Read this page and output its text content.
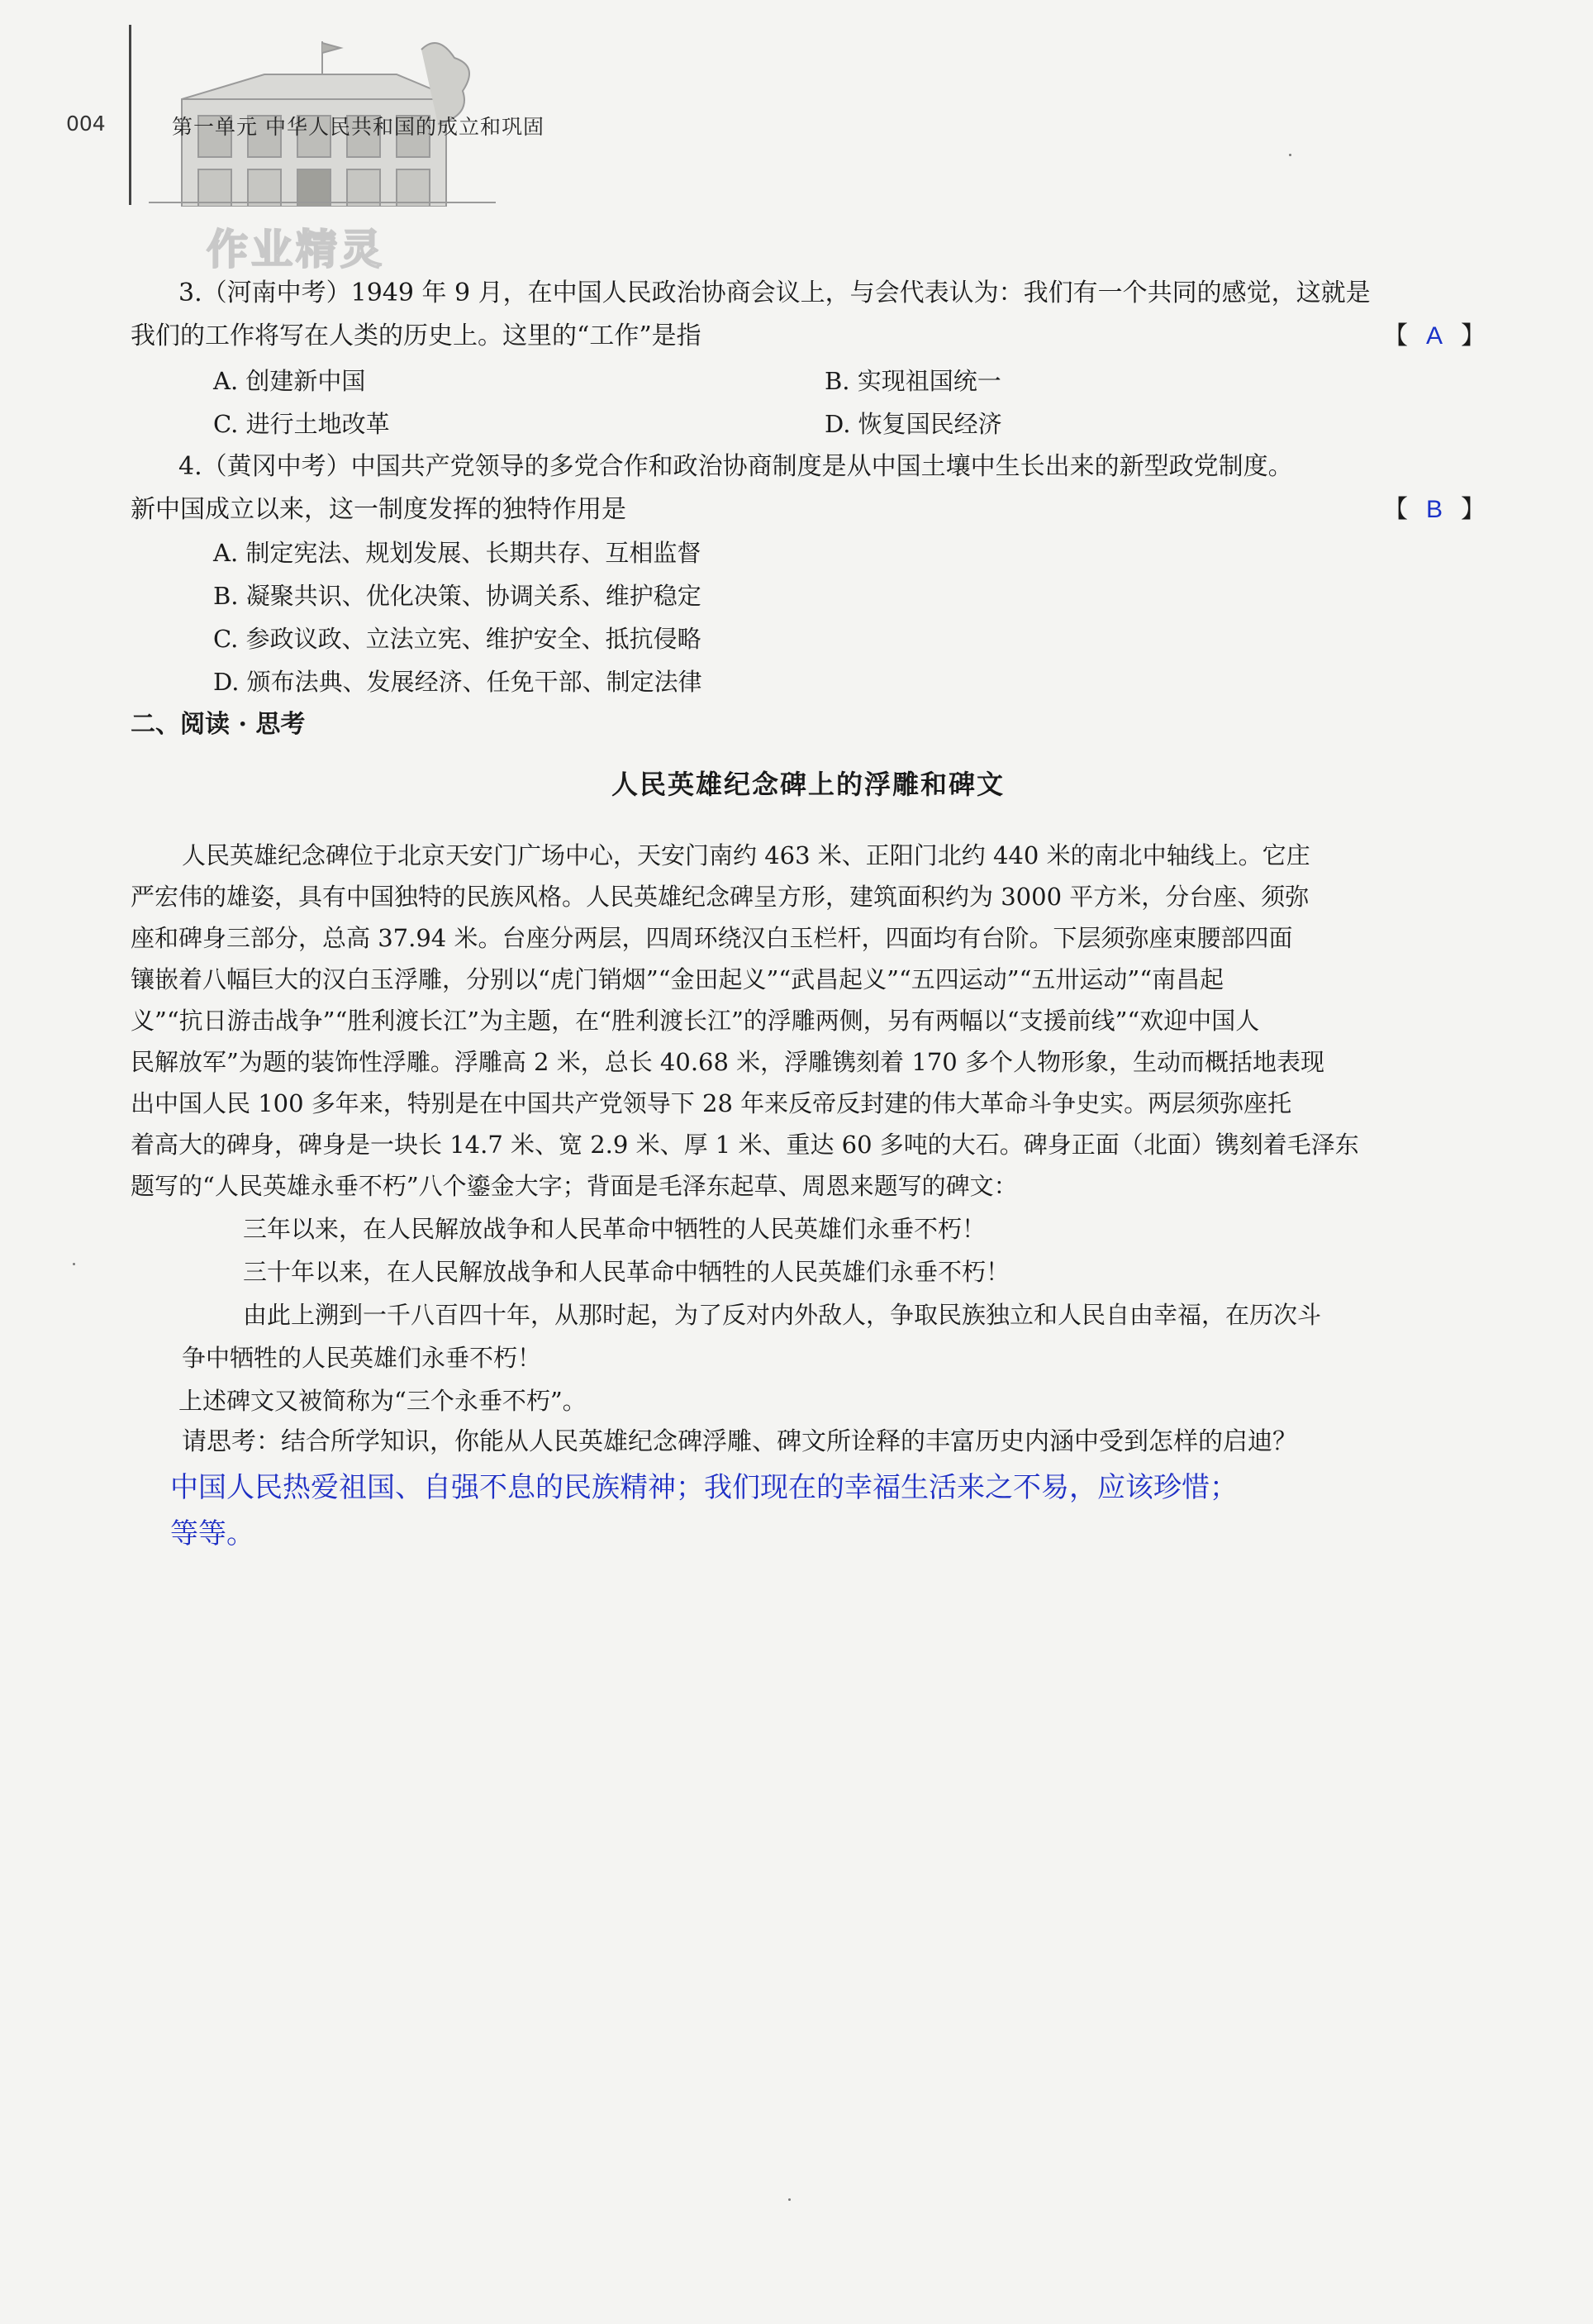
004	第一单元 中华人民共和国的成立和巩固
作业精灵
3.（河南中考）1949 年 9 月，在中国人民政治协商会议上，与会代表认为：我们有一个共同的感觉，这就是
我们的工作将写在人类的历史上。这里的“工作”是指	【 A 】
A. 创建新中国	B. 实现祖国统一
C. 进行土地改革	D. 恢复国民经济
4.（黄冈中考）中国共产党领导的多党合作和政治协商制度是从中国土壤中生长出来的新型政党制度。
新中国成立以来，这一制度发挥的独特作用是	【 B 】
A. 制定宪法、规划发展、长期共存、互相监督
B. 凝聚共识、优化决策、协调关系、维护稳定
C. 参政议政、立法立宪、维护安全、抵抗侵略
D. 颁布法典、发展经济、任免干部、制定法律
二、阅读 · 思考
人民英雄纪念碑上的浮雕和碑文
人民英雄纪念碑位于北京天安门广场中心，天安门南约 463 米、正阳门北约 440 米的南北中轴线上。它庄
严宏伟的雄姿，具有中国独特的民族风格。人民英雄纪念碑呈方形，建筑面积约为 3000 平方米，分台座、须弥
座和碑身三部分，总高 37.94 米。台座分两层，四周环绕汉白玉栏杆，四面均有台阶。下层须弥座束腰部四面
镶嵌着八幅巨大的汉白玉浮雕，分别以“虎门销烟”“金田起义”“武昌起义”“五四运动”“五卅运动”“南昌起
义”“抗日游击战争”“胜利渡长江”为主题，在“胜利渡长江”的浮雕两侧，另有两幅以“支援前线”“欢迎中国人
民解放军”为题的装饰性浮雕。浮雕高 2 米，总长 40.68 米，浮雕镌刻着 170 多个人物形象，生动而概括地表现
出中国人民 100 多年来，特别是在中国共产党领导下 28 年来反帝反封建的伟大革命斗争史实。两层须弥座托
着高大的碑身，碑身是一块长 14.7 米、宽 2.9 米、厚 1 米、重达 60 多吨的大石。碑身正面（北面）镌刻着毛泽东
题写的“人民英雄永垂不朽”八个鎏金大字；背面是毛泽东起草、周恩来题写的碑文：
三年以来，在人民解放战争和人民革命中牺牲的人民英雄们永垂不朽！
三十年以来，在人民解放战争和人民革命中牺牲的人民英雄们永垂不朽！
由此上溯到一千八百四十年，从那时起，为了反对内外敌人，争取民族独立和人民自由幸福，在历次斗
争中牺牲的人民英雄们永垂不朽！
上述碑文又被简称为“三个永垂不朽”。
请思考：结合所学知识，你能从人民英雄纪念碑浮雕、碑文所诠释的丰富历史内涵中受到怎样的启迪？
中国人民热爱祖国、自强不息的民族精神；我们现在的幸福生活来之不易，应该珍惜；
等等。
